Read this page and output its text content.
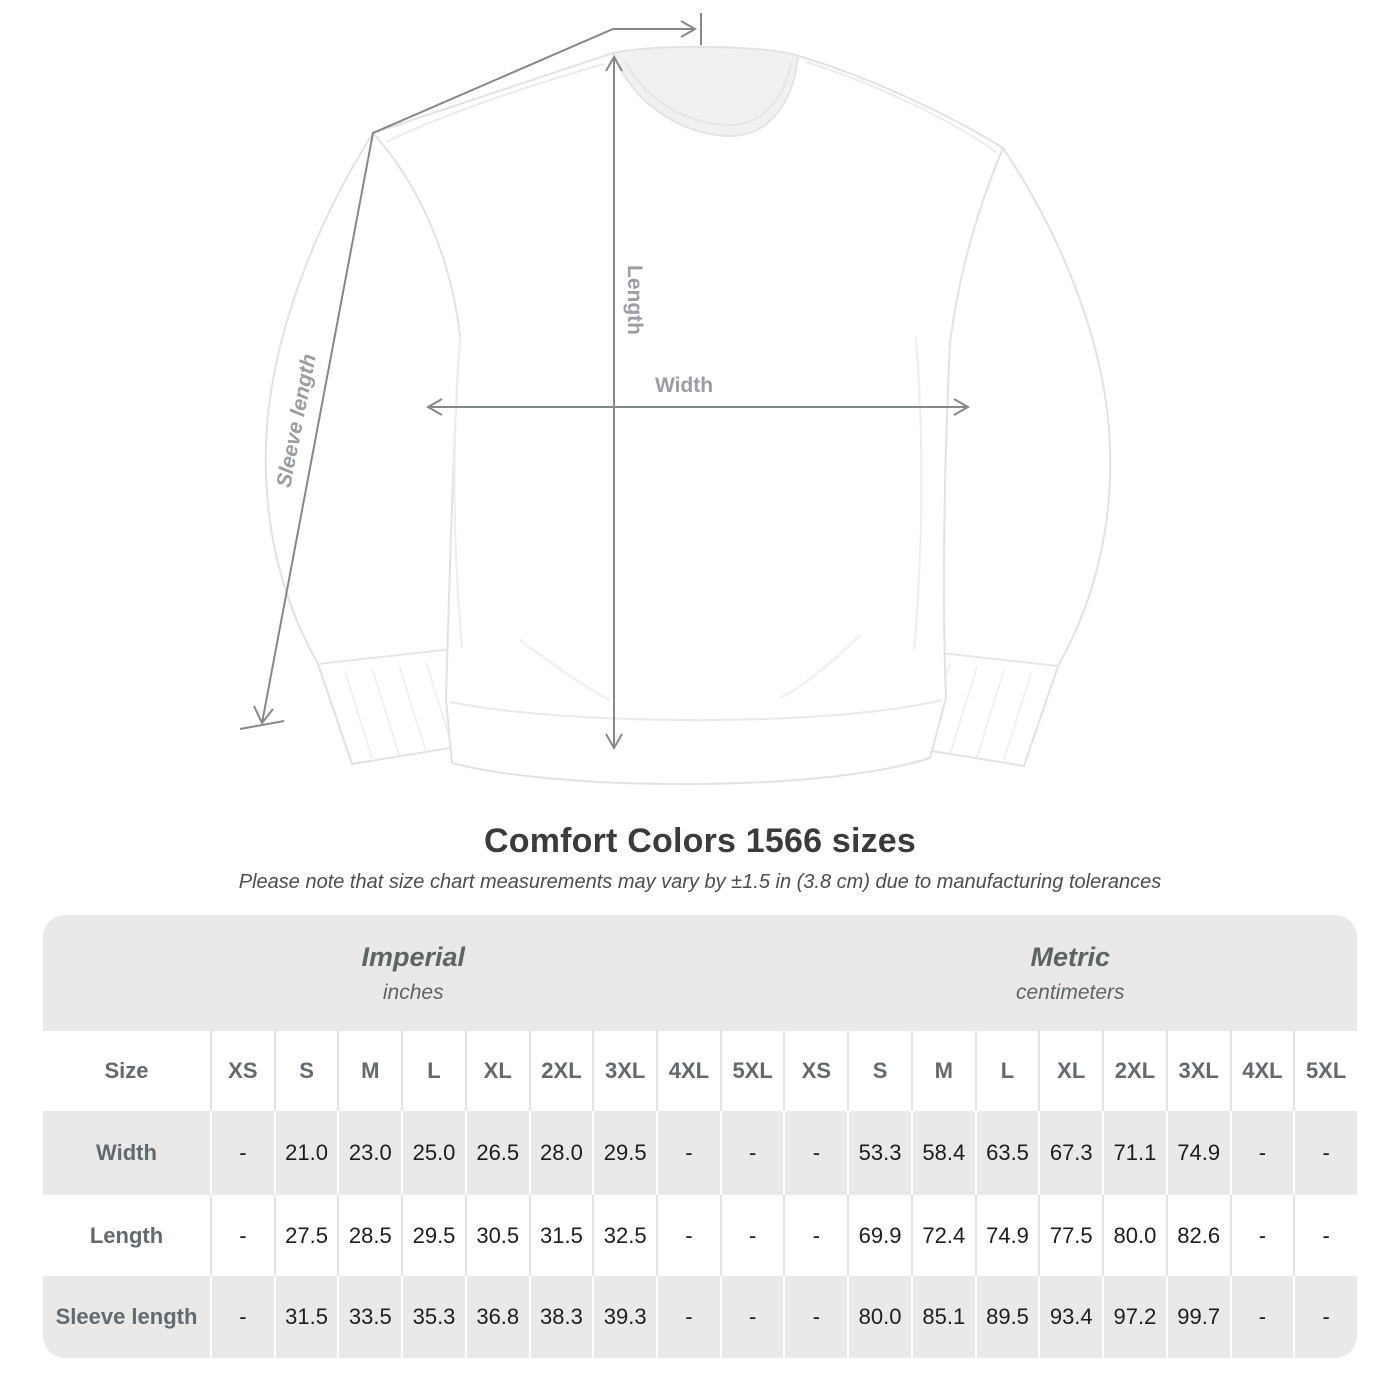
Sleeve length
Length
Width
Comfort Colors 1566 sizes

Please note that size chart measurements may vary by ±1.5 in (3.8 cm) due to manufacturing tolerances

Imperial
inches
Metric
centimeters
Size	XS	S	M	L	XL	2XL	3XL	4XL	5XL	XS	S	M	L	XL	2XL	3XL	4XL	5XL
Width	-	21.0 23.0 25.0 26.5 28.0 29.5	-	-	-	53.3 58.4 63.5 67.3 71.1 74.9	-	-
Length	-	27.5 28.5 29.5 30.5 31.5 32.5	-	-	-	69.9 72.4 74.9 77.5 80.0 82.6	-	-
Sleeve length	-	31.5 33.5 35.3 36.8 38.3 39.3	-	-	-	80.0 85.1 89.5 93.4 97.2 99.7	-	-
